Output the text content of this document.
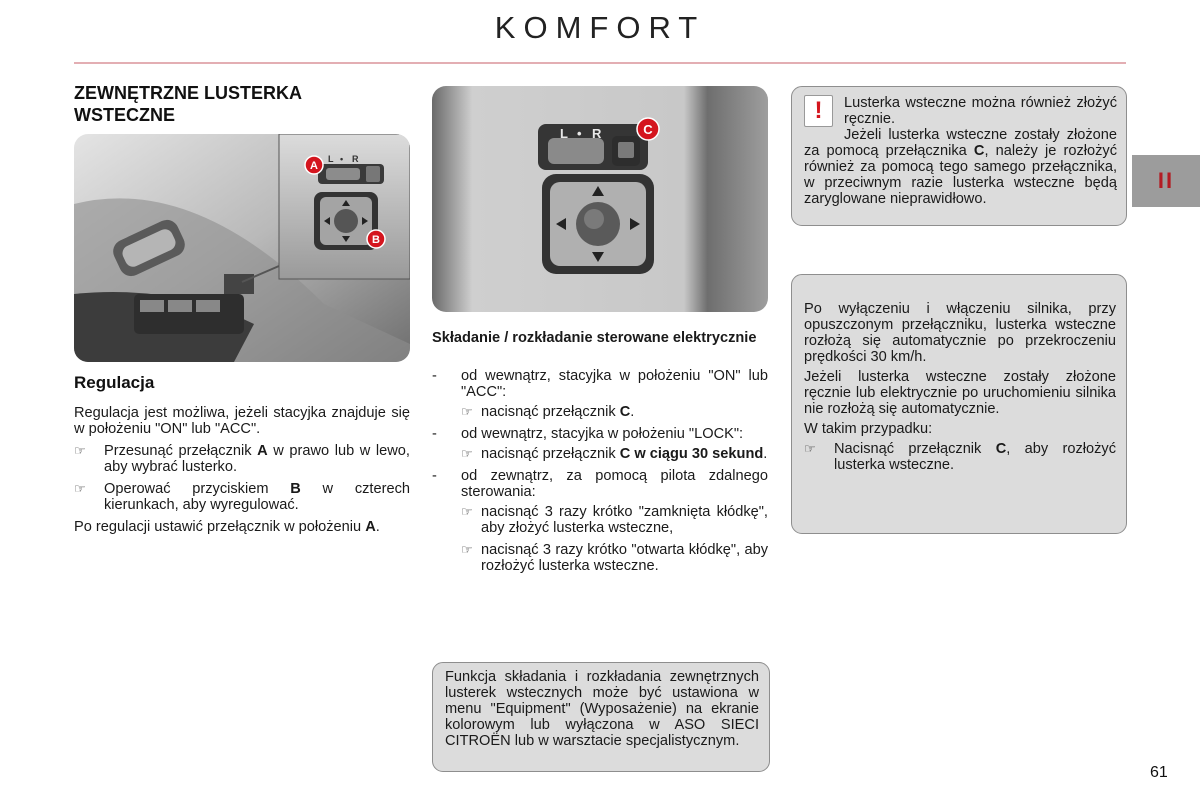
KOMFORT
II
ZEWNĘTRZNE LUSTERKA WSTECZNE
L • R
A
B
Regulacja

Regulacja jest możliwa, jeżeli stacyjka znajduje się w położeniu "ON" lub "ACC".

☞	Przesunąć przełącznik A w prawo lub w lewo, aby wybrać lusterko.
☞	Operować przyciskiem B w czterech kierunkach, aby wyregulować.

Po regulacji ustawić przełącznik w położeniu A.

L • R	C
Składanie / rozkładanie sterowane elektrycznie
-	od wewnątrz, stacyjka w położeniu "ON" lub "ACC":
☞ nacisnąć przełącznik C.
-	od wewnątrz, stacyjka w położeniu "LOCK":
☞ nacisnąć przełącznik C w ciągu 30 sekund.
-	od zewnątrz, za pomocą pilota zdalnego sterowania:
☞ nacisnąć 3 razy krótko "zamknięta kłódkę", aby złożyć lusterka wsteczne,
☞ nacisnąć 3 razy krótko "otwarta kłódkę", aby rozłożyć lusterka wsteczne.
Funkcja składania i rozkładania zewnętrznych lusterek wstecznych może być ustawiona w menu "Equipment" (Wyposażenie) na ekranie kolorowym lub wyłączona w ASO SIECI CITROËN lub w warsztacie specjalistycznym.

Lusterka wsteczne można również złożyć ręcznie.

Jeżeli lusterka wsteczne zostały złożone za pomocą przełącznika C, należy je rozłożyć również za pomocą tego samego przełącznika, w przeciwnym razie lusterka wsteczne będą zaryglowane nieprawidłowo.

!

Po wyłączeniu i włączeniu silnika, przy opuszczonym przełączniku, lusterka wsteczne rozłożą się automatycznie po przekroczeniu prędkości 30 km/h.

Jeżeli lusterka wsteczne zostały złożone ręcznie lub elektrycznie po uruchomieniu silnika nie rozłożą się automatycznie.

W takim przypadku:

☞	Nacisnąć przełącznik C, aby rozłożyć lusterka wsteczne.
61
